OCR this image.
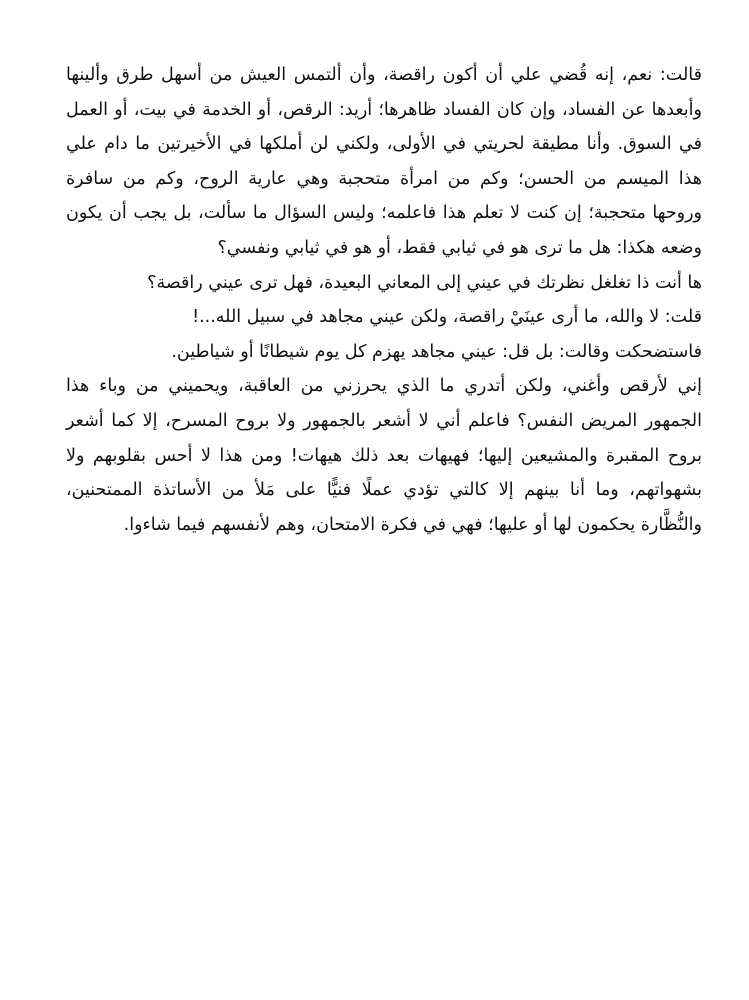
قالت: نعم، إنه قُضي علي أن أكون راقصة، وأن ألتمس العيش من أسهل طرق وألينها وأبعدها عن الفساد، وإن كان الفساد ظاهرها؛ أريد: الرقص، أو الخدمة في بيت، أو العمل في السوق. وأنا مطيقة لحريتي في الأولى، ولكني لن أملكها في الأخيرتين ما دام علي هذا الميسم من الحسن؛ وكم من امرأة متحجبة وهي عارية الروح، وكم من سافرة وروحها متحجبة؛ إن كنت لا تعلم هذا فاعلمه؛ وليس السؤال ما سألت، بل يجب أن يكون وضعه هكذا: هل ما ترى هو في ثيابي فقط، أو هو في ثيابي ونفسي؟

ها أنت ذا تغلغل نظرتك في عيني إلى المعاني البعيدة، فهل ترى عيني راقصة؟

قلت: لا والله، ما أرى عينَيْ راقصة، ولكن عيني مجاهد في سبيل الله...!

فاستضحكت وقالت: بل قل: عيني مجاهد يهزم كل يوم شيطانًا أو شياطين.

إني لأرقص وأغني، ولكن أتدري ما الذي يحرزني من العاقبة، ويحميني من وباء هذا الجمهور المريض النفس؟ فاعلم أني لا أشعر بالجمهور ولا بروح المسرح، إلا كما أشعر بروح المقبرة والمشيعين إليها؛ فهيهات بعد ذلك هيهات! ومن هذا لا أحس بقلوبهم ولا بشهواتهم، وما أنا بينهم إلا كالتي تؤدي عملًا فنيًّا على مَلأ من الأساتذة الممتحنين، والنُّظَّارة يحكمون لها أو عليها؛ فهي في فكرة الامتحان، وهم لأنفسهم فيما شاءوا.
